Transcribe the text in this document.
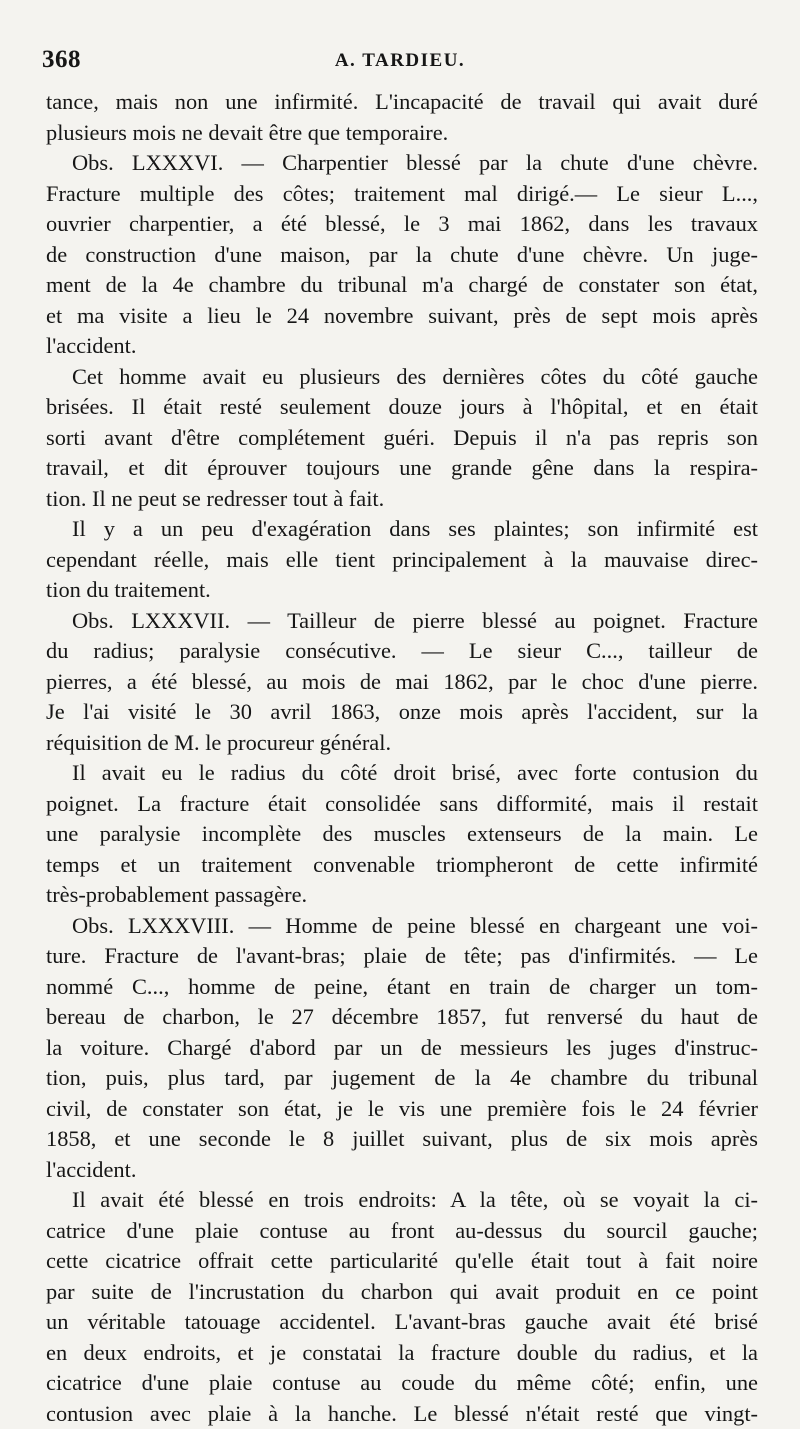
368	A. TARDIEU.
tance, mais non une infirmité. L'incapacité de travail qui avait duré
plusieurs mois ne devait être que temporaire.
Obs. LXXXVI. — Charpentier blessé par la chute d'une chèvre.
Fracture multiple des côtes; traitement mal dirigé.— Le sieur L...,
ouvrier charpentier, a été blessé, le 3 mai 1862, dans les travaux
de construction d'une maison, par la chute d'une chèvre. Un juge-
ment de la 4e chambre du tribunal m'a chargé de constater son état,
et ma visite a lieu le 24 novembre suivant, près de sept mois après
l'accident.
Cet homme avait eu plusieurs des dernières côtes du côté gauche
brisées. Il était resté seulement douze jours à l'hôpital, et en était
sorti avant d'être complétement guéri. Depuis il n'a pas repris son
travail, et dit éprouver toujours une grande gêne dans la respira-
tion. Il ne peut se redresser tout à fait.
Il y a un peu d'exagération dans ses plaintes; son infirmité est
cependant réelle, mais elle tient principalement à la mauvaise direc-
tion du traitement.
Obs. LXXXVII. — Tailleur de pierre blessé au poignet. Fracture
du radius; paralysie consécutive. — Le sieur C..., tailleur de
pierres, a été blessé, au mois de mai 1862, par le choc d'une pierre.
Je l'ai visité le 30 avril 1863, onze mois après l'accident, sur la
réquisition de M. le procureur général.
Il avait eu le radius du côté droit brisé, avec forte contusion du
poignet. La fracture était consolidée sans difformité, mais il restait
une paralysie incomplète des muscles extenseurs de la main. Le
temps et un traitement convenable triompheront de cette infirmité
très-probablement passagère.
Obs. LXXXVIII. — Homme de peine blessé en chargeant une voi-
ture. Fracture de l'avant-bras; plaie de tête; pas d'infirmités. — Le
nommé C..., homme de peine, étant en train de charger un tom-
bereau de charbon, le 27 décembre 1857, fut renversé du haut de
la voiture. Chargé d'abord par un de messieurs les juges d'instruc-
tion, puis, plus tard, par jugement de la 4e chambre du tribunal
civil, de constater son état, je le vis une première fois le 24 février
1858, et une seconde le 8 juillet suivant, plus de six mois après
l'accident.
Il avait été blessé en trois endroits: A la tête, où se voyait la ci-
catrice d'une plaie contuse au front au-dessus du sourcil gauche;
cette cicatrice offrait cette particularité qu'elle était tout à fait noire
par suite de l'incrustation du charbon qui avait produit en ce point
un véritable tatouage accidentel. L'avant-bras gauche avait été brisé
en deux endroits, et je constatai la fracture double du radius, et la
cicatrice d'une plaie contuse au coude du même côté; enfin, une
contusion avec plaie à la hanche. Le blessé n'était resté que vingt-
